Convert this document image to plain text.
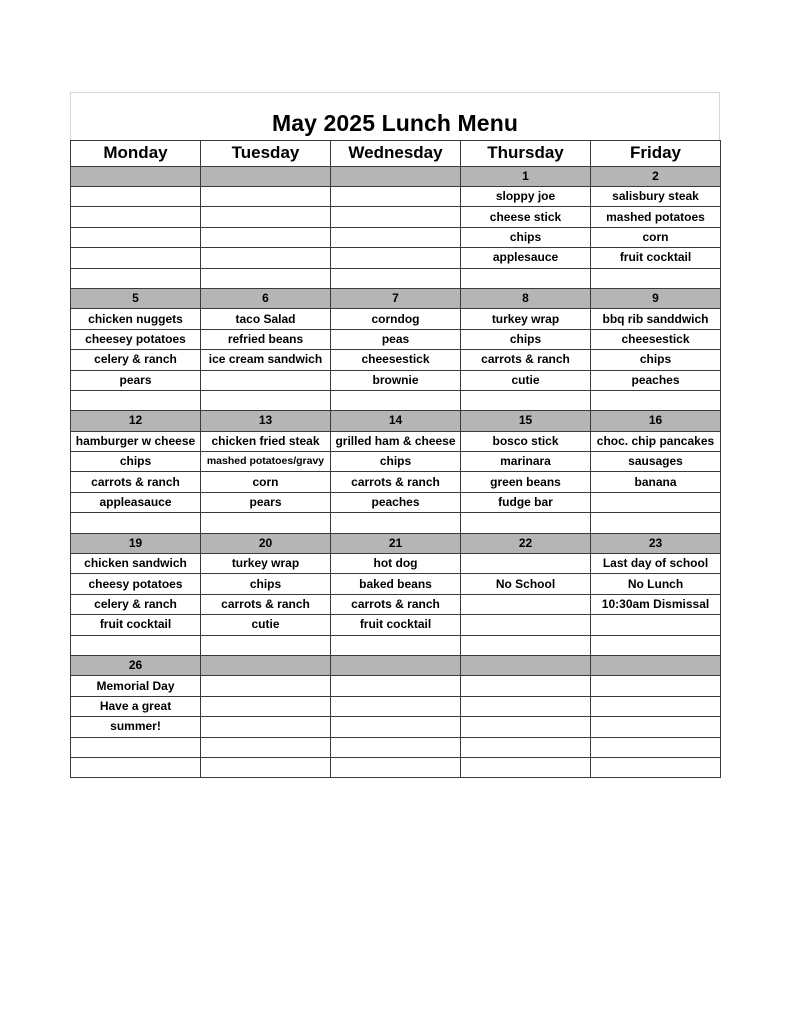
May 2025 Lunch Menu
Monday	Tuesday	Wednesday	Thursday	Friday
			1	2
			sloppy joe	salisbury steak
			cheese stick	mashed potatoes
			chips	corn
			applesauce	fruit cocktail

5	6	7	8	9
chicken nuggets	taco Salad	corndog	turkey wrap	bbq rib sanddwich
cheesey potatoes	refried beans	peas	chips	cheesestick
celery & ranch	ice cream sandwich	cheesestick	carrots & ranch	chips
pears		brownie	cutie	peaches

12	13	14	15	16
hamburger w cheese	chicken fried steak	grilled ham & cheese	bosco stick	choc. chip pancakes
chips	mashed potatoes/gravy	chips	marinara	sausages
carrots & ranch	corn	carrots & ranch	green beans	banana
appleasauce	pears	peaches	fudge bar	

19	20	21	22	23
chicken sandwich	turkey wrap	hot dog		Last day of school
cheesy potatoes	chips	baked beans	No School	No Lunch
celery & ranch	carrots & ranch	carrots & ranch		10:30am Dismissal
fruit cocktail	cutie	fruit cocktail		

26				
Memorial Day				
Have a great				
summer!				
